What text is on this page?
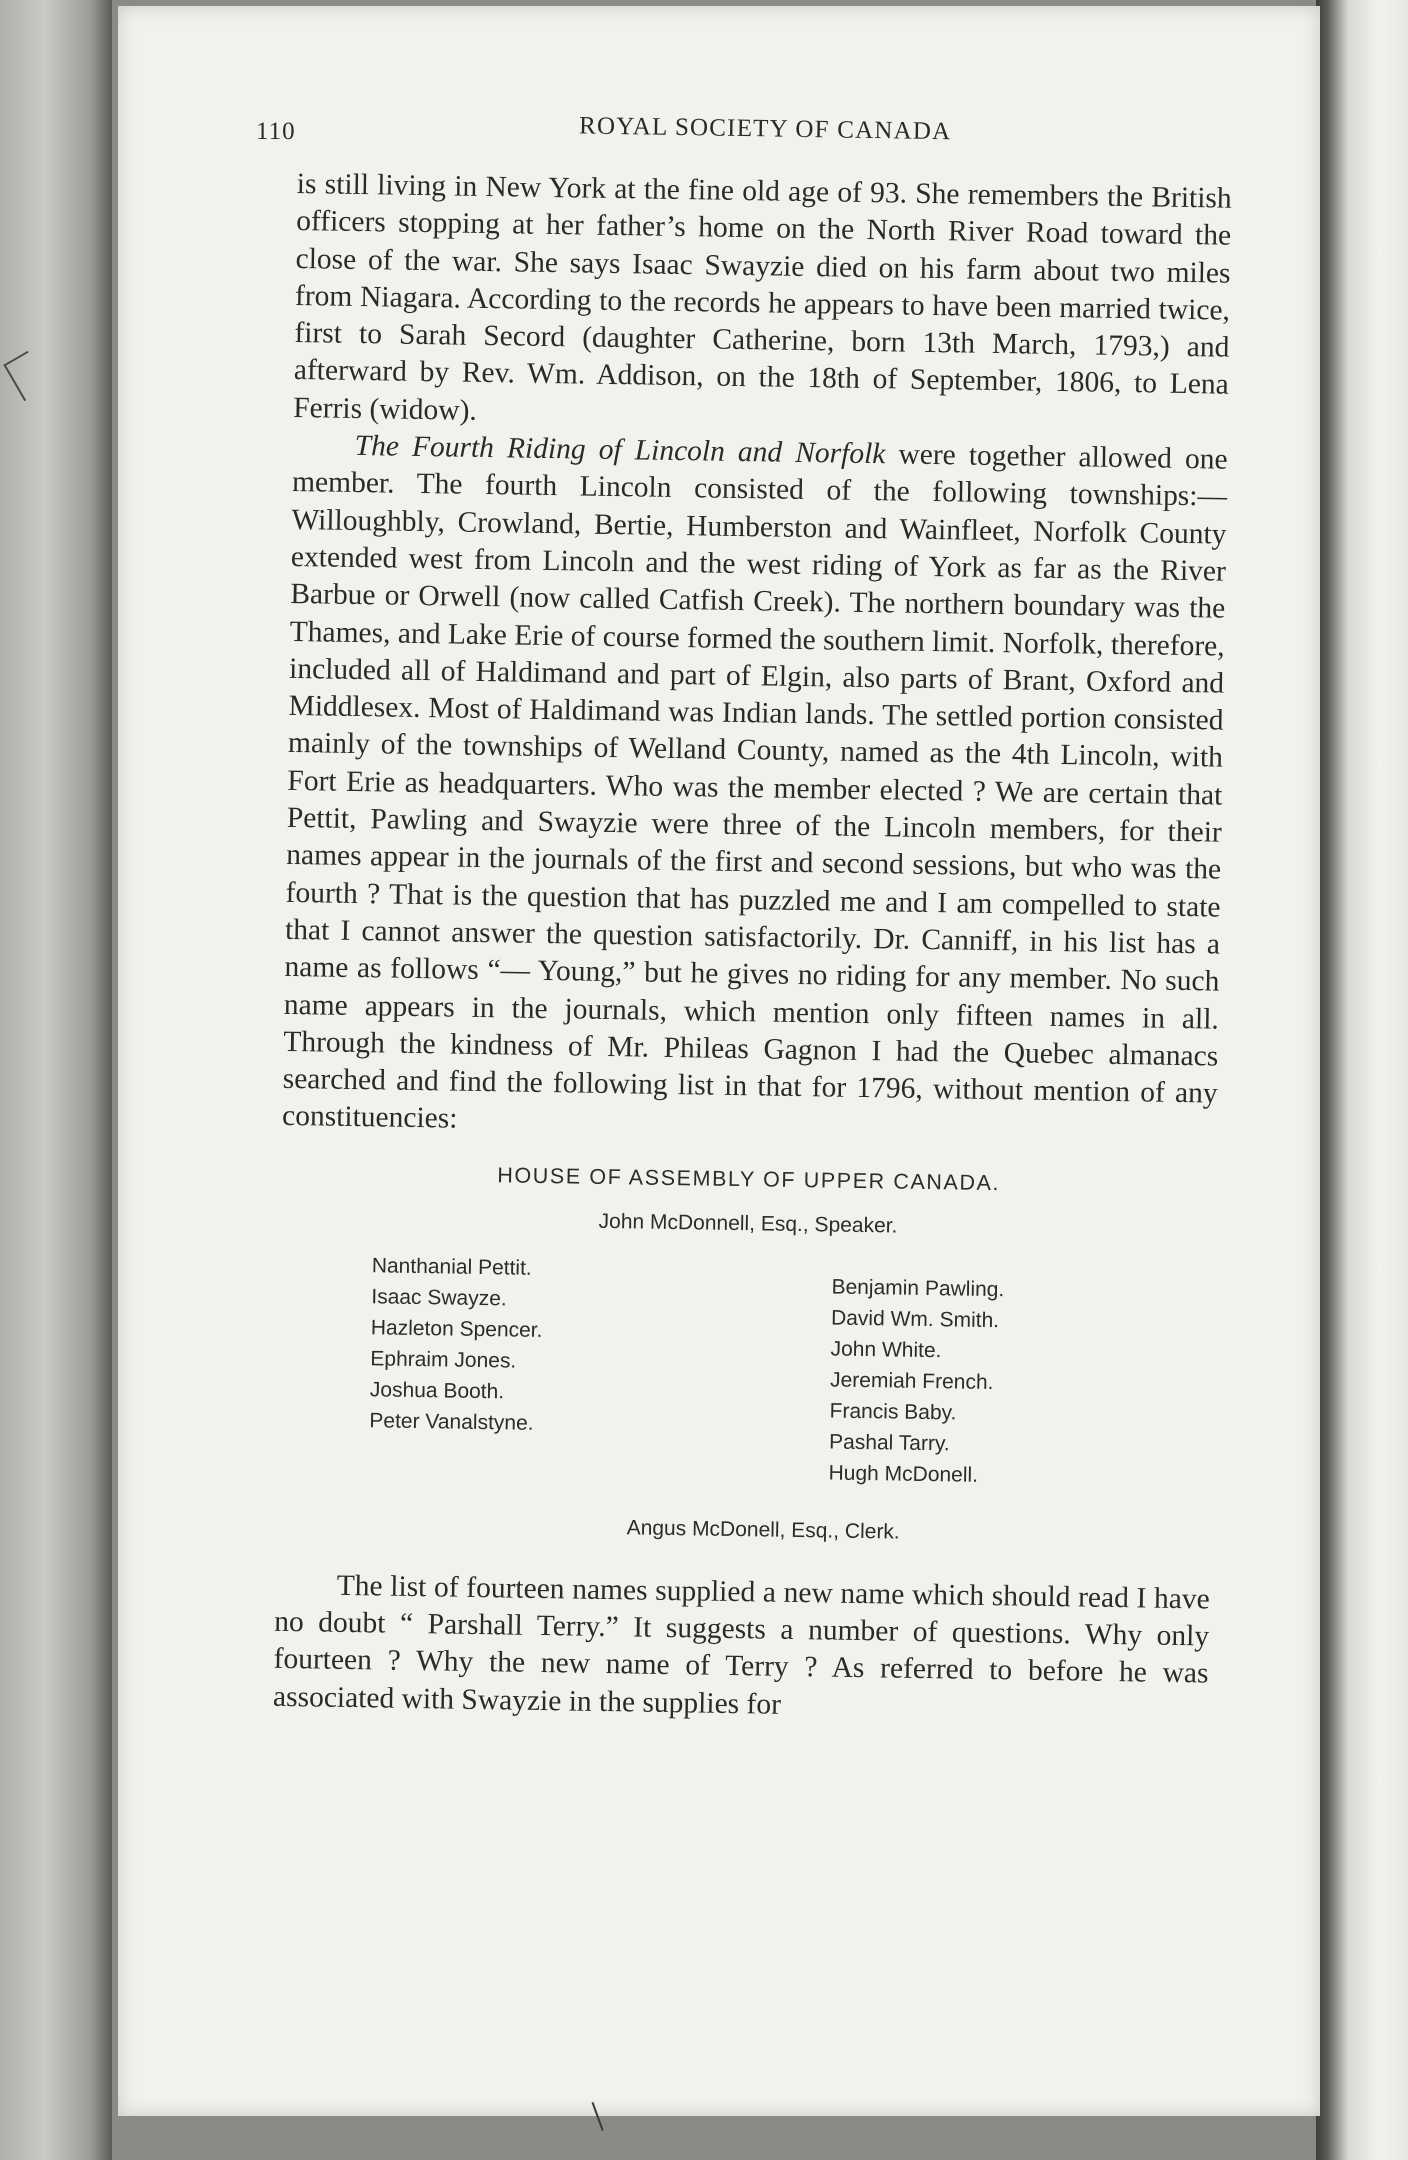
ROYAL SOCIETY OF CANADA

is still living in New York at the fine old age of 93. She remembers the British officers stopping at her father’s home on the North River Road toward the close of the war. She says Isaac Swayzie died on his farm about two miles from Niagara. According to the records he appears to have been married twice, first to Sarah Secord (daughter Catherine, born 13th March, 1793,) and afterward by Rev. Wm. Addison, on the 18th of September, 1806, to Lena Ferris (widow).

The Fourth Riding of Lincoln and Norfolk were together allowed one member. The fourth Lincoln consisted of the following townships:—Willoughbly, Crowland, Bertie, Humberston and Wainfleet, Norfolk County extended west from Lincoln and the west riding of York as far as the River Barbue or Orwell (now called Catfish Creek). The northern boundary was the Thames, and Lake Erie of course formed the southern limit. Norfolk, therefore, included all of Haldimand and part of Elgin, also parts of Brant, Oxford and Middlesex. Most of Haldimand was Indian lands. The settled portion consisted mainly of the townships of Welland County, named as the 4th Lincoln, with Fort Erie as headquarters. Who was the member elected ? We are certain that Pettit, Pawling and Swayzie were three of the Lincoln members, for their names appear in the journals of the first and second sessions, but who was the fourth ? That is the question that has puzzled me and I am compelled to state that I cannot answer the question satisfactorily. Dr. Canniff, in his list has a name as follows “— Young,” but he gives no riding for any member. No such name appears in the journals, which mention only fifteen names in all. Through the kindness of Mr. Phileas Gagnon I had the Quebec almanacs searched and find the following list in that for 1796, without mention of any constituencies:

HOUSE OF ASSEMBLY OF UPPER CANADA.
John McDonnell, Esq., Speaker.
Nanthanial Pettit.
Isaac Swayze.
Hazleton Spencer.
Ephraim Jones.
Joshua Booth.
Peter Vanalstyne.
Benjamin Pawling.
David Wm. Smith.
John White.
Jeremiah French.
Francis Baby.
Pashal Tarry.
Hugh McDonell.
Angus McDonell, Esq., Clerk.

The list of fourteen names supplied a new name which should read I have no doubt “ Parshall Terry.” It suggests a number of questions. Why only fourteen ? Why the new name of Terry ? As referred to before he was associated with Swayzie in the supplies for

110
